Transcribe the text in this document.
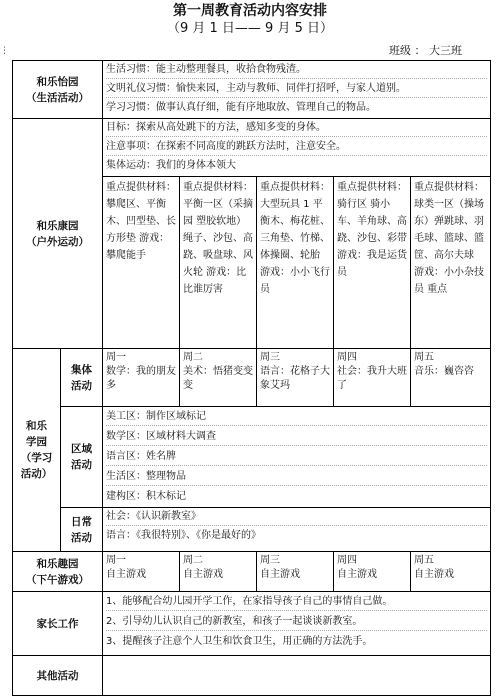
第一周教育活动内容安排
（9 月 1 日—— 9 月 5 日）
⋮	班级 ： 大三班
和乐怡园
（生活活动）		生活习惯：能主动整理餐具，收拾食物残渣。
文明礼仪习惯：愉快来园，主动与教师、同伴打招呼，与家人道别。
学习习惯：做事认真仔细，能有序地取放、管理自己的物品。				

和乐康园
（户外运动）		目标：探索从高处跳下的方法，感知多变的身体。
注意事项：在探索不同高度的跳跃方法时，注意安全。
集体运动：我们的身体本领大				

		重点提供材料：攀爬区、平衡木、凹型垫、长方形垫 游戏：攀爬能手	重点提供材料：平衡一区（采摘园 塑胶软地）绳子、沙包、高跷、吸盘球、风火轮 游戏：比比谁厉害	重点提供材料：大型玩具 1 平衡木、梅花桩、三角垫、竹梯、体操圈、轮胎 游戏：小小飞行员	重点提供材料：骑行区 骑小车、羊角球、高跷、沙包、彩带 游戏：我是运货员	重点提供材料：球类一区（操场东）弹跳球、羽毛球、篮球、篮筐、高尔夫球 游戏：小小杂技员 重点

和乐
学园
（学习活动）	集体
活动	周一
数学：我的朋友多	周二
美术：悟猪变变变	周三
语言：花格子大象艾玛	周四
社会：我升大班了	周五
音乐：巍咨咨

	区域
活动	美工区：制作区域标记
数学区：区域材料大调查
语言区：姓名牌
生活区：整理物品
建构区：积木标记				

	日常
活动	社会：《认识新教室》
语言：《我很特别》、《你是最好的》				

和乐趣园
（下午游戏）		周一
自主游戏	周二
自主游戏	周三
自主游戏	周四
自主游戏	周五
自主游戏

家长工作		1、能够配合幼儿园开学工作，在家指导孩子自己的事情自己做。
2、引导幼儿认识自己的新教室，和孩子一起谈谈新教室。
3、提醒孩子注意个人卫生和饮食卫生，用正确的方法洗手。				

其他活动						
